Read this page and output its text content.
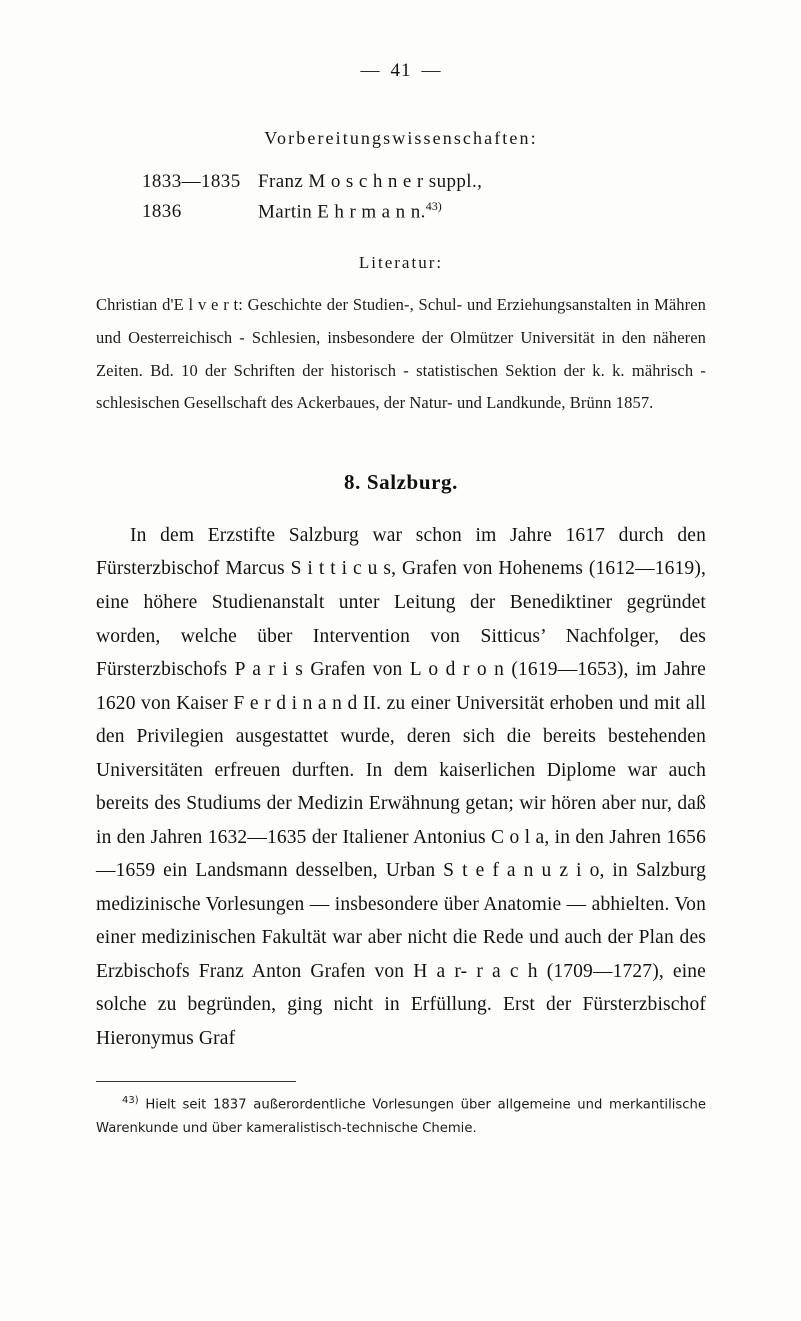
— 41 —
Vorbereitungswissenschaften:
1833—1835 Franz M o s c h n e r suppl.,
1836	Martin E h r m a n n.$^{43)}$
Literatur:
Christian d'E l v e r t: Geschichte der Studien-, Schul- und Erziehungsanstalten in Mähren und Oesterreichisch - Schlesien, insbesondere der Olmützer Universität in den näheren Zeiten. Bd. 10 der Schriften der historisch - statistischen Sektion der k. k. mährisch - schlesischen Gesellschaft des Ackerbaues, der Natur- und Landkunde, Brünn 1857.
8. Salzburg.
In dem Erzstifte Salzburg war schon im Jahre 1617 durch den Fürsterzbischof Marcus S i t t i c u s, Grafen von Hohenems (1612—1619), eine höhere Studienanstalt unter Leitung der Benediktiner gegründet worden, welche über Intervention von Sitticus’ Nachfolger, des Fürsterzbischofs P a r i s Grafen von L o d r o n (1619—1653), im Jahre 1620 von Kaiser F e r d i n a n d II. zu einer Universität erhoben und mit all den Privilegien ausgestattet wurde, deren sich die bereits bestehenden Universitäten erfreuen durften. In dem kaiserlichen Diplome war auch bereits des Studiums der Medizin Erwähnung getan; wir hören aber nur, daß in den Jahren 1632—1635 der Italiener Antonius C o l a, in den Jahren 1656—1659 ein Landsmann desselben, Urban S t e f a n u z i o, in Salzburg medizinische Vorlesungen — insbesondere über Anatomie — abhielten. Von einer medizinischen Fakultät war aber nicht die Rede und auch der Plan des Erzbischofs Franz Anton Grafen von H a r- r a c h (1709—1727), eine solche zu begründen, ging nicht in Erfüllung. Erst der Fürsterzbischof Hieronymus Graf
$^{43)}$ Hielt seit 1837 außerordentliche Vorlesungen über allgemeine und merkantilische Warenkunde und über kameralistisch-technische Chemie.
